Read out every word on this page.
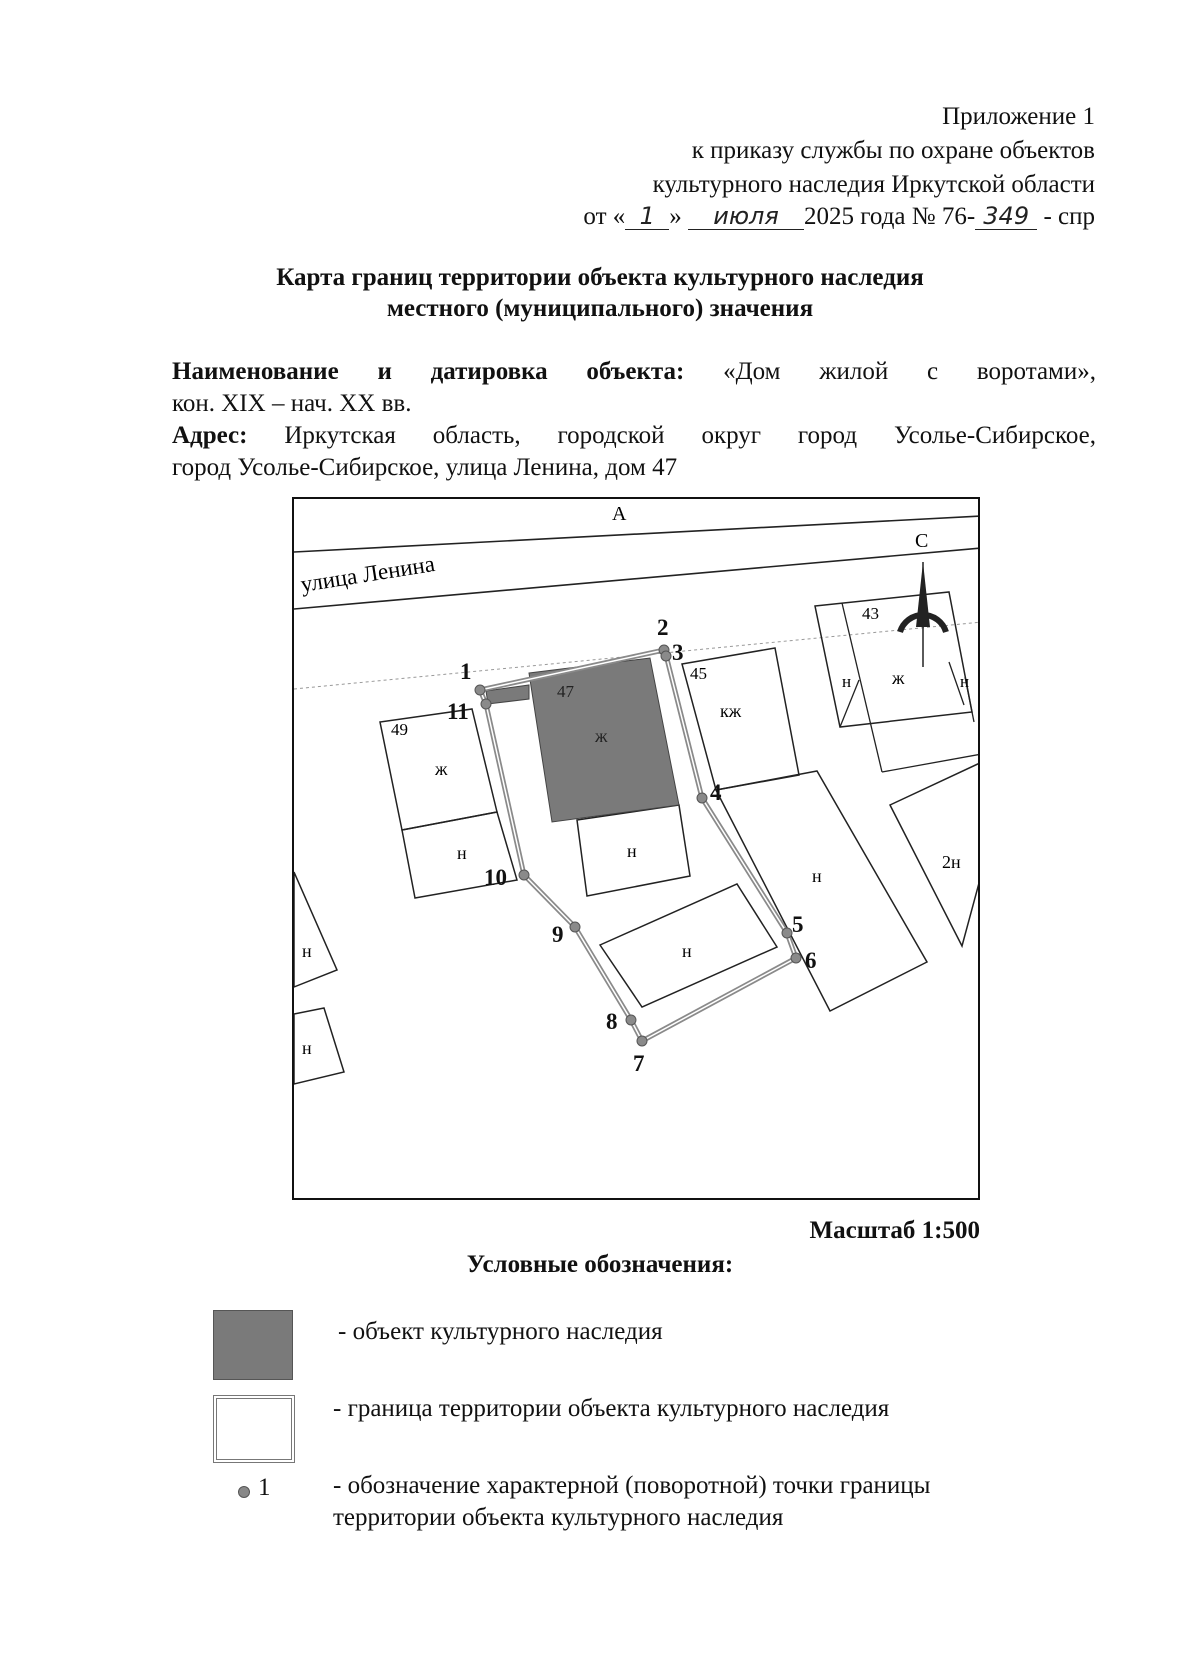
Приложение 1
к приказу службы по охране объектов
культурного наследия Иркутской области
от « 1 » июля 2025 года № 76- 349 - спр
Карта границ территории объекта культурного наследия
местного (муниципального) значения
Наименование и датировка объекта: «Дом жилой с воротами»,
кон. XIX – нач. XX вв.
Адрес: Иркутская область, городской округ город Усолье-Сибирское,
город Усолье-Сибирское, улица Ленина, дом 47
улица Ленина
А
43
ж
н	н
45
кж
н
2н
49
ж
н	н
н
н
н
47
ж
1
2
3
4
5
6
7
8
9
10
11
С
Масштаб 1:500
Условные обозначения:
- объект культурного наследия
- граница территории объекта культурного наследия
1	- обозначение характерной (поворотной) точки границы
территории объекта культурного наследия
